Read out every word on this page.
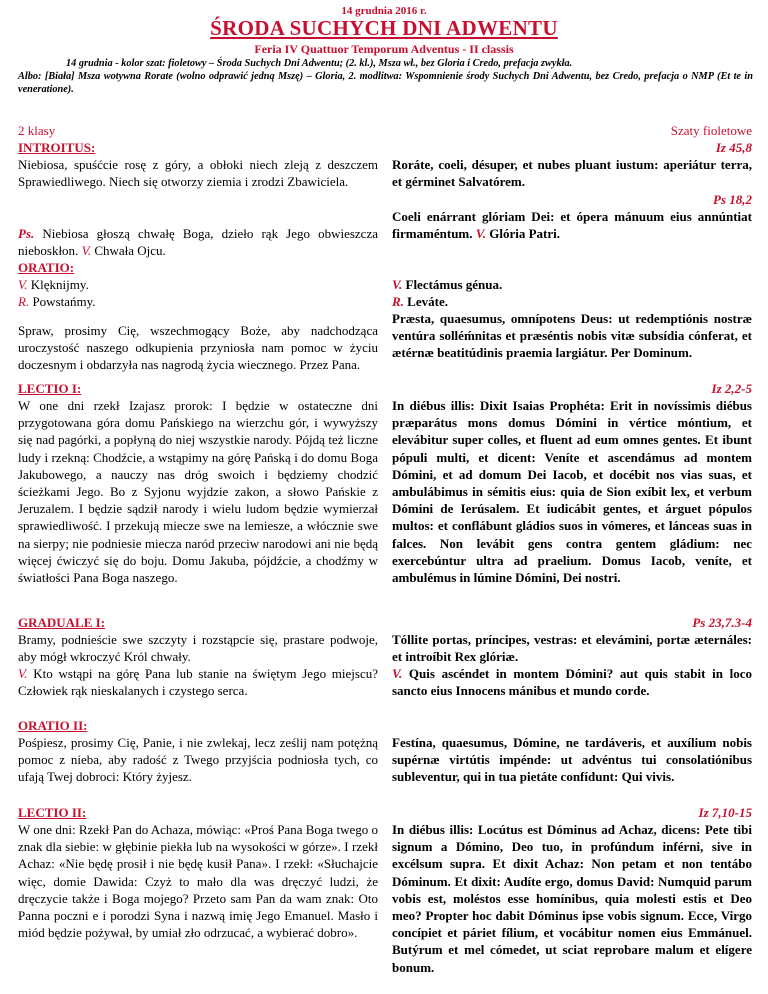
14 grudnia 2016 r.
ŚRODA SUCHYCH DNI ADWENTU
Feria IV Quattuor Temporum Adventus - II classis

14 grudnia - kolor szat: fioletowy – Środa Suchych Dni Adwentu; (2. kl.), Msza wł., bez Gloria i Credo, prefacja zwykła.

Albo: [Biała] Msza wotywna Rorate (wolno odprawić jedną Mszę) – Gloria, 2. modlitwa: Wspomnienie środy Suchych Dni Adwentu, bez Credo, prefacja o NMP (Et te in veneratione).

2 klasy
INTROITUS:

Niebiosa, spuśćcie rosę z góry, a obłoki niech zleją z deszczem Sprawiedliwego. Niech się otworzy ziemia i zrodzi Zbawiciela.

Ps. Niebiosa głoszą chwałę Boga, dzieło rąk Jego obwieszcza nieboskłon. V. Chwała Ojcu.

ORATIO:
V. Klęknijmy.
R. Powstańmy.

Spraw, prosimy Cię, wszechmogący Boże, aby nadchodząca uroczystość naszego odkupienia przyniosła nam pomoc w życiu doczesnym i obdarzyła nas nagrodą życia wiecznego. Przez Pana.

LECTIO I:

W one dni rzekł Izajasz prorok: I będzie w ostateczne dni przygotowana góra domu Pańskiego na wierzchu gór, i wywyższy się nad pagórki, a popłyną do niej wszystkie narody. Pójdą też liczne ludy i rzekną: Chodźcie, a wstąpimy na górę Pańską i do domu Boga Jakubowego, a nauczy nas dróg swoich i będziemy chodzić ścieżkami Jego. Bo z Syjonu wyjdzie zakon, a słowo Pańskie z Jeruzalem. I będzie sądził narody i wielu ludom będzie wymierzał sprawiedliwość. I przekują miecze swe na lemiesze, a włócznie swe na sierpy; nie podniesie miecza naród przeciw narodowi ani nie będą więcej ćwiczyć się do boju. Domu Jakuba, pójdźcie, a chodźmy w światłości Pana Boga naszego.

GRADUALE I:

Bramy, podnieście swe szczyty i rozstąpcie się, prastare podwoje, aby mógł wkroczyć Król chwały.

V. Kto wstąpi na górę Pana lub stanie na świętym Jego miejscu? Człowiek rąk nieskalanych i czystego serca.

ORATIO II:

Pośpiesz, prosimy Cię, Panie, i nie zwlekaj, lecz ześlij nam potężną pomoc z nieba, aby radość z Twego przyjścia podniosła tych, co ufają Twej dobroci: Który żyjesz.

LECTIO II:

W one dni: Rzekł Pan do Achaza, mówiąc: «Proś Pana Boga twego o znak dla siebie: w głębinie piekła lub na wysokości w górze». I rzekł Achaz: «Nie będę prosił i nie będę kusił Pana». I rzekł: «Słuchajcie więc, domie Dawida: Czyż to mało dla was dręczyć ludzi, że dręczycie także i Boga mojego? Przeto sam Pan da wam znak: Oto Panna poczni e i porodzi Syna i nazwą imię Jego Emanuel. Masło i miód będzie pożywał, by umiał zło odrzucać, a wybierać dobro».

Szaty fioletowe
Iz 45,8

Roráte, coeli, désuper, et nubes pluant iustum: aperiátur terra, et gérminet Salvatórem.

Ps 18,2

Coeli enárrant glóriam Dei: et ópera mánuum eius annúntiat firmaméntum. V. Glória Patri.

V. Flectámus génua.
R. Leváte.

Præsta, quaesumus, omnípotens Deus: ut redemptiónis nostræ ventúra solléḿnitas et præséntis nobis vitæ subsídia cónferat, et ætérnæ beatitúdinis praemia largiátur. Per Dominum.

Iz 2,2-5

In diébus illis: Dixit Isaias Prophéta: Erit in novíssimis diébus præparátus mons domus Dómini in vértice móntium, et elevábitur super colles, et fluent ad eum omnes gentes. Et ibunt pópuli multi, et dicent: Veníte et ascendámus ad montem Dómini, et ad domum Dei Iacob, et docébit nos vias suas, et ambulábimus in sémitis eius: quia de Sion exíbit lex, et verbum Dómini de Ierúsalem. Et iudicábit gentes, et árguet pópulos multos: et conflábunt gládios suos in vómeres, et lánceas suas in falces. Non levábit gens contra gentem gládium: nec exercebúntur ultra ad praelium. Domus Iacob, veníte, et ambulémus in lúmine Dómini, Dei nostri.

Ps 23,7.3-4

Tóllite portas, príncipes, vestras: et elevámini, portæ æternáles: et introíbit Rex glóriæ.

V. Quis ascéndet in montem Dómini? aut quis stabit in loco sancto eius Innocens mánibus et mundo corde.

Festína, quaesumus, Dómine, ne tardáveris, et auxílium nobis supérnæ virtútis impénde: ut advéntus tui consolatiónibus subleventur, qui in tua pietáte confídunt: Qui vivis.

Iz 7,10-15

In diébus illis: Locútus est Dóminus ad Achaz, dicens: Pete tibi signum a Dómino, Deo tuo, in profúndum inférni, sive in excélsum supra. Et dixit Achaz: Non petam et non tentábo Dóminum. Et dixit: Audíte ergo, domus David: Numquid parum vobis est, moléstos esse homínibus, quia molesti estis et Deo meo? Propter hoc dabit Dóminus ipse vobis signum. Ecce, Virgo concípiet et páriet fílium, et vocábitur nomen eius Emmánuel. Butýrum et mel cómedet, ut sciat reprobare malum et elígere bonum.
